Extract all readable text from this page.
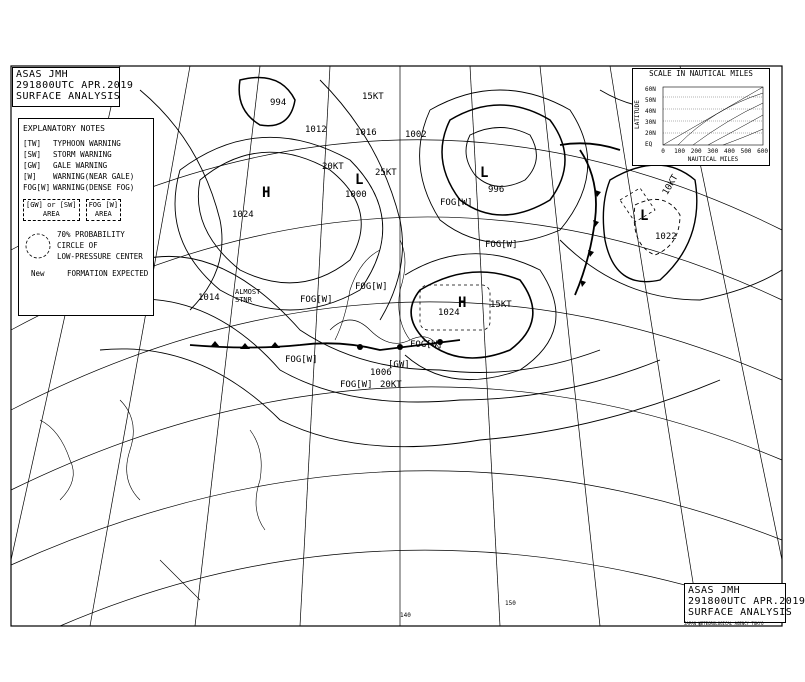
ASAS JMH
291800UTC APR.2019
SURFACE ANALYSIS
EXPLANATORY NOTES
[TW]	TYPHOON WARNING
[SW]	STORM WARNING
[GW]	GALE WARNING
[W]	WARNING(NEAR GALE)
FOG[W] WARNING(DENSE FOG)
[GW] or [SW]
AREA
FOG [W]
AREA
70% PROBABILITY
CIRCLE OF
LOW-PRESSURE CENTER
New	FORMATION EXPECTED
SCALE IN NAUTICAL MILES
LATITUDE
60N
50N
40N
30N
20N
EQ
0 100 200 300 400 500 600
NAUTICAL MILES
H
1024
1000
L	L
1012	1016	1002
1014
1024
H
1006
1022
L
15KT
20KT
25KT
15KT
20KT
10KT
FOG[W]
FOG[W]
FOG[W]
FOG[W]
FOG[W]
FOG[W]
FOG[W]
[GW]
ALMOST STNR
994
996
140
150
ASAS JMH
291800UTC APR.2019
SURFACE ANALYSIS
JAPAN METEOROLOGICAL AGENCY TOKYO
